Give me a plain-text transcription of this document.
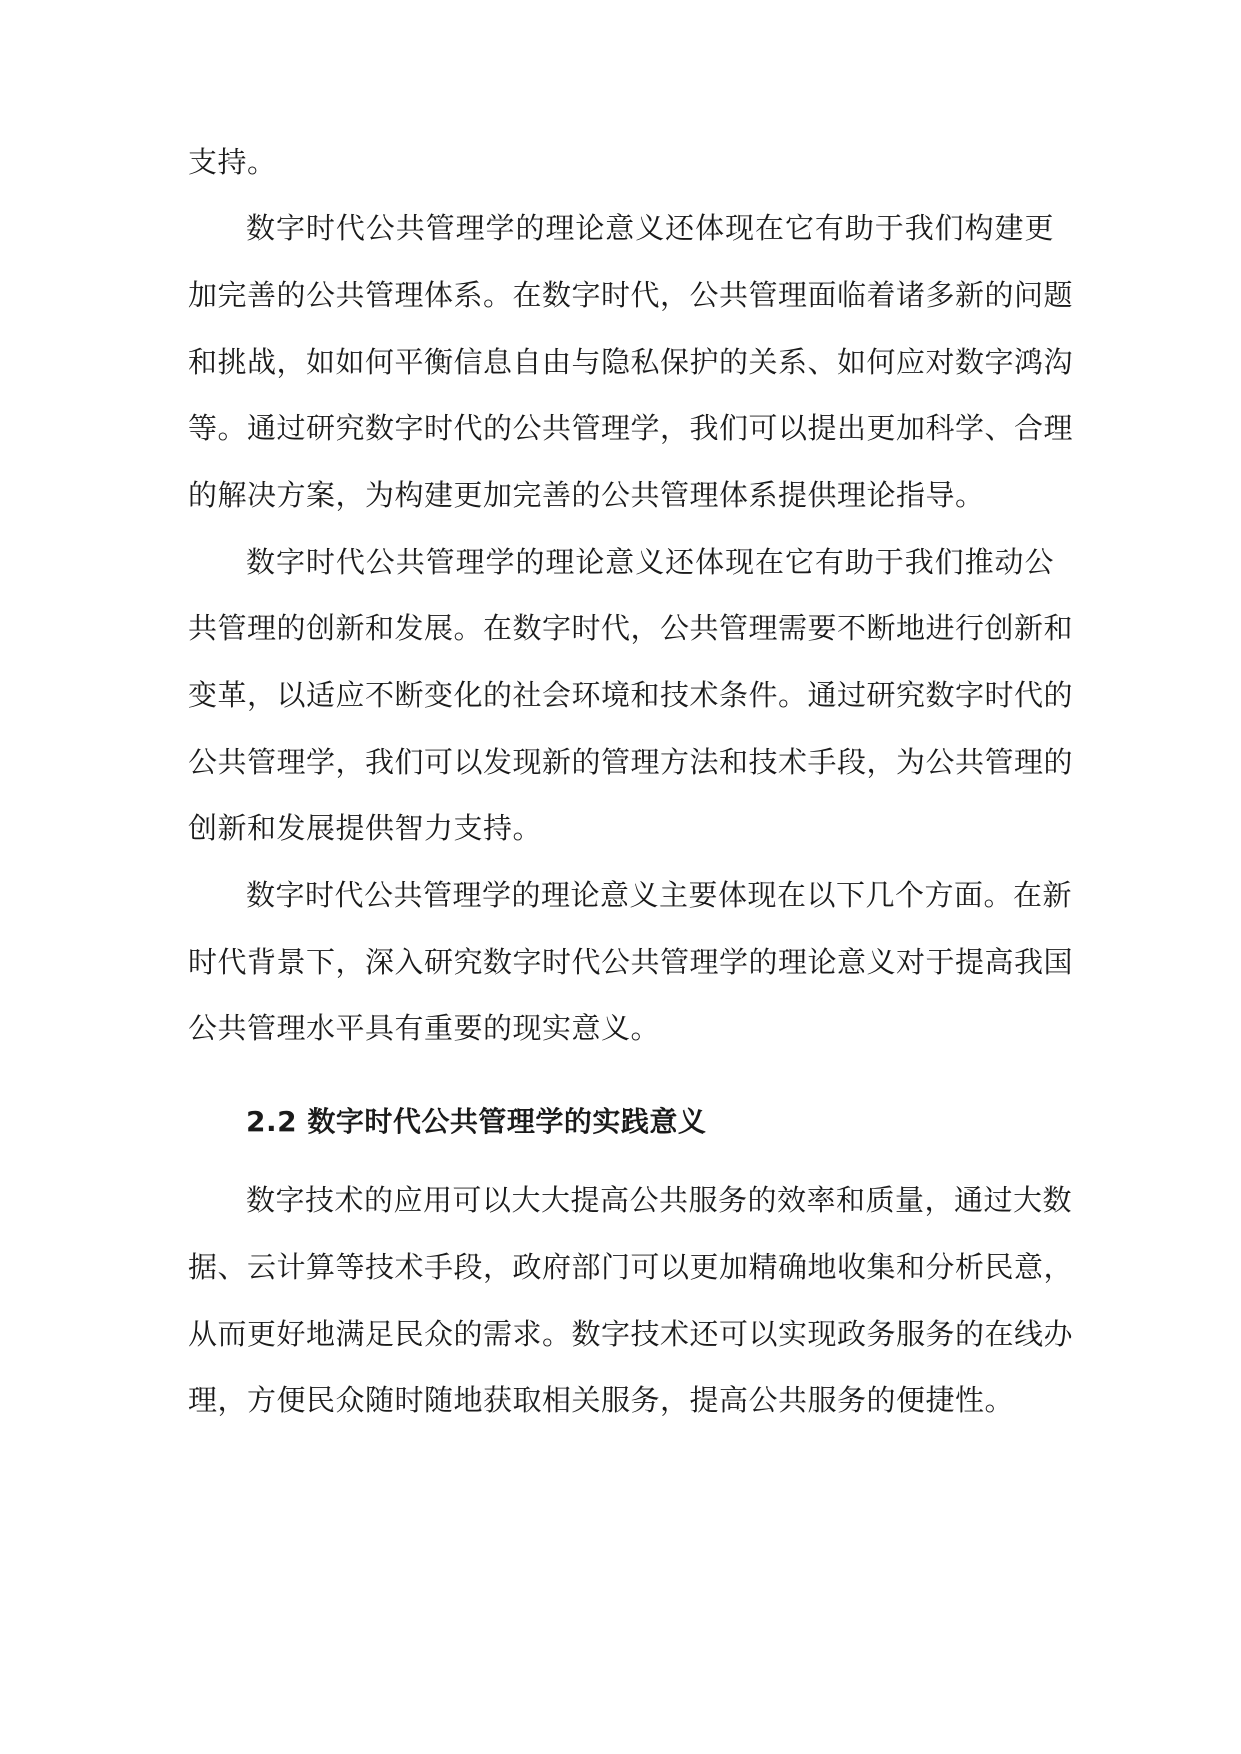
支持。
数字时代公共管理学的理论意义还体现在它有助于我们构建更
加完善的公共管理体系。在数字时代，公共管理面临着诸多新的问题
和挑战，如如何平衡信息自由与隐私保护的关系、如何应对数字鸿沟
等。通过研究数字时代的公共管理学，我们可以提出更加科学、合理
的解决方案，为构建更加完善的公共管理体系提供理论指导。
数字时代公共管理学的理论意义还体现在它有助于我们推动公
共管理的创新和发展。在数字时代，公共管理需要不断地进行创新和
变革，以适应不断变化的社会环境和技术条件。通过研究数字时代的
公共管理学，我们可以发现新的管理方法和技术手段，为公共管理的
创新和发展提供智力支持。
数字时代公共管理学的理论意义主要体现在以下几个方面。在新
时代背景下，深入研究数字时代公共管理学的理论意义对于提高我国
公共管理水平具有重要的现实意义。
2.2 数字时代公共管理学的实践意义
数字技术的应用可以大大提高公共服务的效率和质量，通过大数
据、云计算等技术手段，政府部门可以更加精确地收集和分析民意，
从而更好地满足民众的需求。数字技术还可以实现政务服务的在线办
理，方便民众随时随地获取相关服务，提高公共服务的便捷性。
